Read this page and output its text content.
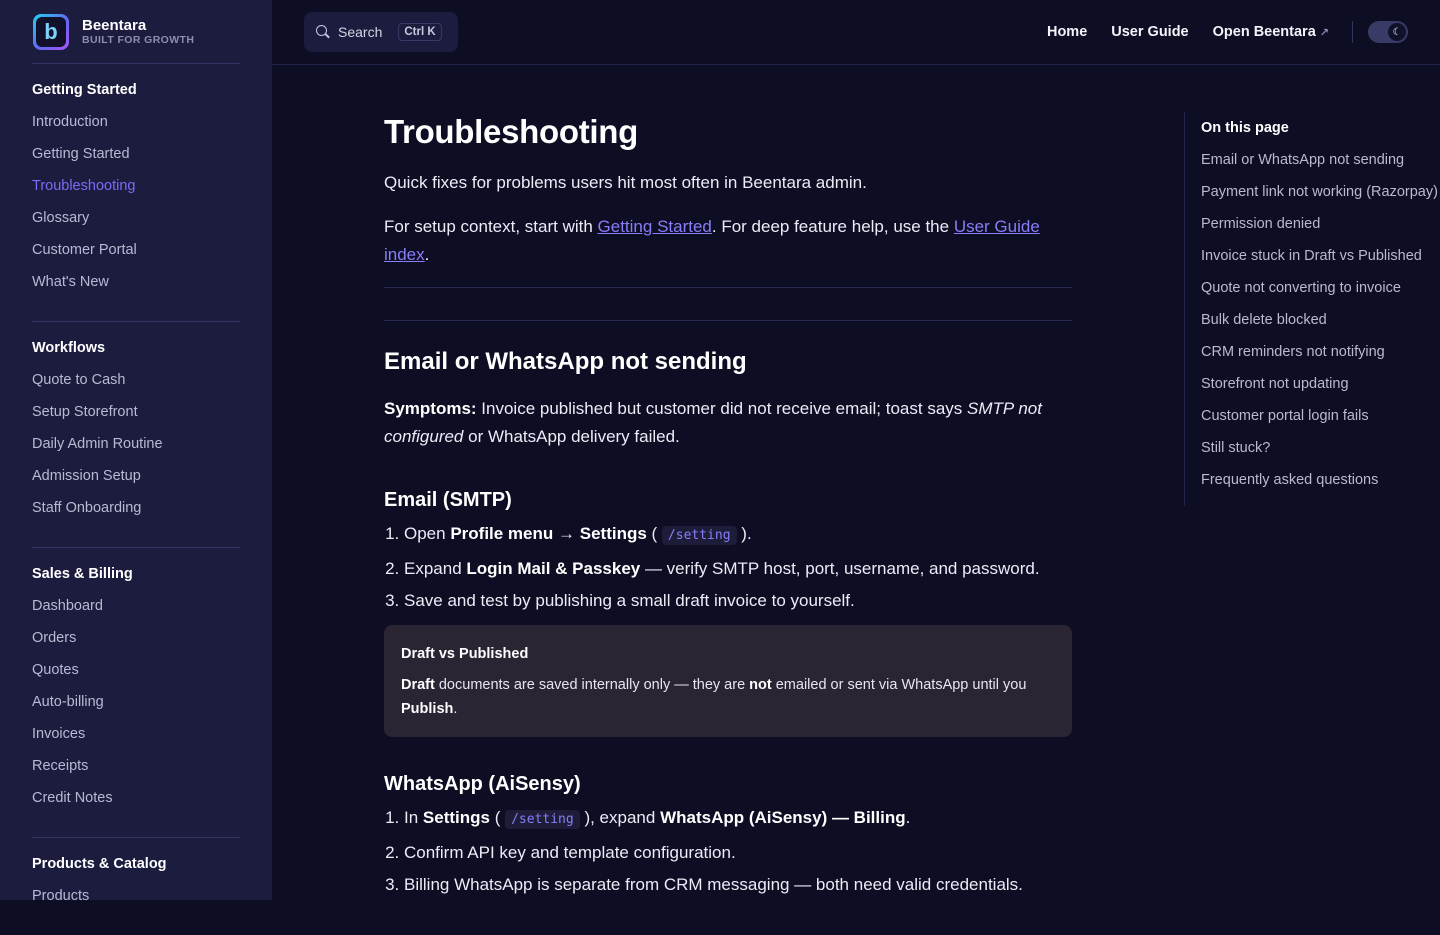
b	Beentara
BUILT FOR GROWTH
Getting Started
Introduction
Getting Started
Troubleshooting
Glossary
Customer Portal
What's New
Workflows
Quote to Cash
Setup Storefront
Daily Admin Routine
Admission Setup
Staff Onboarding
Sales & Billing
Dashboard
Orders
Quotes
Auto-billing
Invoices
Receipts
Credit Notes
Products & Catalog
Products
Search	Ctrl K	Home User Guide Open Beentara ↗	☾
Troubleshooting

Quick fixes for problems users hit most often in Beentara admin.

For setup context, start with Getting Started. For deep feature help, use the User Guide index.

Email or WhatsApp not sending

Symptoms: Invoice published but customer did not receive email; toast says SMTP not configured or WhatsApp delivery failed.

Email (SMTP)
1. Open Profile menu → Settings ( /setting ).
2. Expand Login Mail & Passkey — verify SMTP host, port, username, and password.
3. Save and test by publishing a small draft invoice to yourself.
Draft vs Published
Draft documents are saved internally only — they are not emailed or sent via WhatsApp until you Publish.
WhatsApp (AiSensy)
1. In Settings ( /setting ), expand WhatsApp (AiSensy) — Billing.
2. Confirm API key and template configuration.
3. Billing WhatsApp is separate from CRM messaging — both need valid credentials.
On this page
Email or WhatsApp not sending
Payment link not working (Razorpay)
Permission denied
Invoice stuck in Draft vs Published
Quote not converting to invoice
Bulk delete blocked
CRM reminders not notifying
Storefront not updating
Customer portal login fails
Still stuck?
Frequently asked questions
